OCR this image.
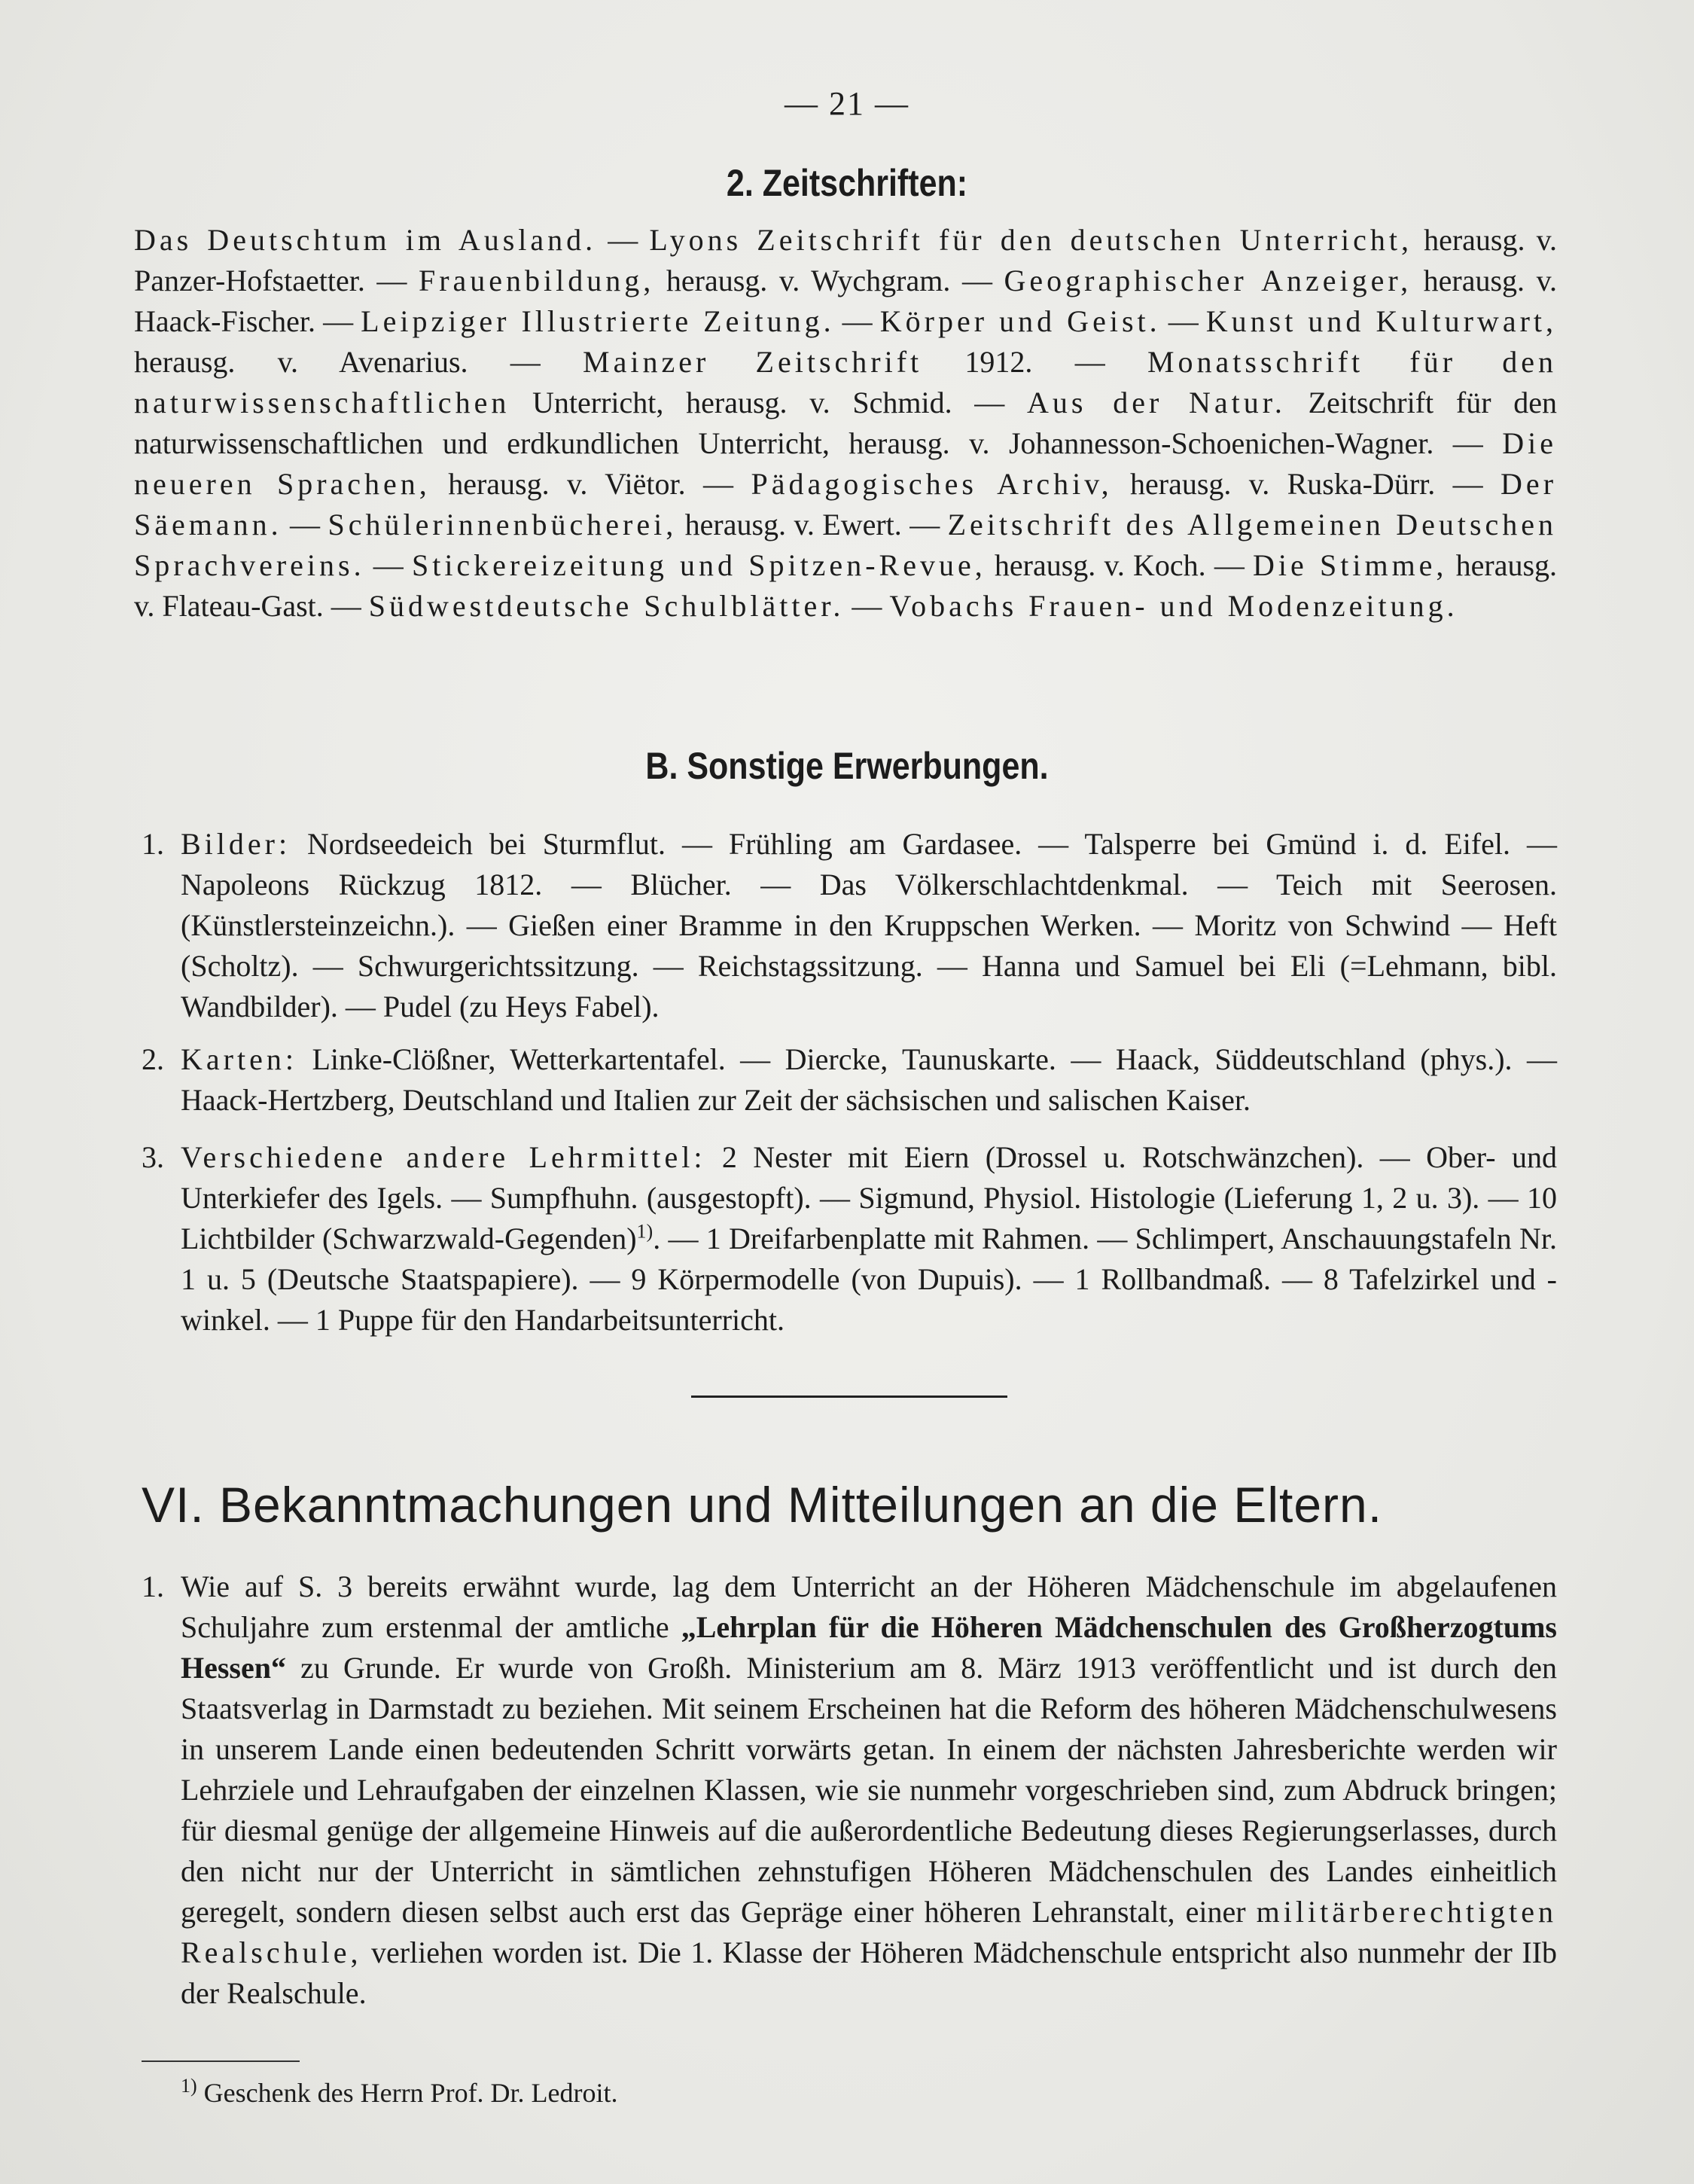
— 21 —
2. Zeitschriften:
Das Deutschtum im Ausland. — Lyons Zeitschrift für den deutschen Unterricht, herausg. v. Panzer-Hofstaetter. — Frauenbildung, herausg. v. Wychgram. — Geographischer Anzeiger, herausg. v. Haack-Fischer. — Leipziger Illustrierte Zeitung. — Körper und Geist. — Kunst und Kulturwart, herausg. v. Avenarius. — Mainzer Zeitschrift 1912. — Monatsschrift für den naturwissenschaftlichen Unterricht, herausg. v. Schmid. — Aus der Natur. Zeitschrift für den naturwissenschaftlichen und erdkundlichen Unterricht, herausg. v. Johannesson-Schoenichen-Wagner. — Die neueren Sprachen, herausg. v. Viëtor. — Pädagogisches Archiv, herausg. v. Ruska-Dürr. — Der Säemann. — Schülerinnenbücherei, herausg. v. Ewert. — Zeitschrift des Allgemeinen Deutschen Sprachvereins. — Stickereizeitung und Spitzen-Revue, herausg. v. Koch. — Die Stimme, herausg. v. Flateau-Gast. — Südwestdeutsche Schulblätter. — Vobachs Frauen- und Modenzeitung.
B. Sonstige Erwerbungen.
1. Bilder: Nordseedeich bei Sturmflut. — Frühling am Gardasee. — Talsperre bei Gmünd i. d. Eifel. — Napoleons Rückzug 1812. — Blücher. — Das Völkerschlachtdenkmal. — Teich mit Seerosen. (Künstlersteinzeichn.). — Gießen einer Bramme in den Kruppschen Werken. — Moritz von Schwind — Heft (Scholtz). — Schwurgerichtssitzung. — Reichstagssitzung. — Hanna und Samuel bei Eli (=Lehmann, bibl. Wandbilder). — Pudel (zu Heys Fabel).
2. Karten: Linke-Clößner, Wetterkartentafel. — Diercke, Taunuskarte. — Haack, Süddeutschland (phys.). — Haack-Hertzberg, Deutschland und Italien zur Zeit der sächsischen und salischen Kaiser.
3. Verschiedene andere Lehrmittel: 2 Nester mit Eiern (Drossel u. Rotschwänzchen). — Ober- und Unterkiefer des Igels. — Sumpfhuhn. (ausgestopft). — Sigmund, Physiol. Histologie (Lieferung 1, 2 u. 3). — 10 Lichtbilder (Schwarzwald-Gegenden)$^{1)}$. — 1 Dreifarbenplatte mit Rahmen. — Schlimpert, Anschauungstafeln Nr. 1 u. 5 (Deutsche Staatspapiere). — 9 Körpermodelle (von Dupuis). — 1 Rollbandmaß. — 8 Tafelzirkel und -winkel. — 1 Puppe für den Handarbeitsunterricht.
VI. Bekanntmachungen und Mitteilungen an die Eltern.
1. Wie auf S. 3 bereits erwähnt wurde, lag dem Unterricht an der Höheren Mädchenschule im abgelaufenen Schuljahre zum erstenmal der amtliche „Lehrplan für die Höheren Mädchenschulen des Großherzogtums Hessen“ zu Grunde. Er wurde von Großh. Ministerium am 8. März 1913 veröffentlicht und ist durch den Staatsverlag in Darmstadt zu beziehen. Mit seinem Erscheinen hat die Reform des höheren Mädchenschulwesens in unserem Lande einen bedeutenden Schritt vorwärts getan. In einem der nächsten Jahresberichte werden wir Lehrziele und Lehraufgaben der einzelnen Klassen, wie sie nunmehr vorgeschrieben sind, zum Abdruck bringen; für diesmal genüge der allgemeine Hinweis auf die außerordentliche Bedeutung dieses Regierungserlasses, durch den nicht nur der Unterricht in sämtlichen zehnstufigen Höheren Mädchenschulen des Landes einheitlich geregelt, sondern diesen selbst auch erst das Gepräge einer höheren Lehranstalt, einer militärberechtigten Realschule, verliehen worden ist. Die 1. Klasse der Höheren Mädchenschule entspricht also nunmehr der IIb der Realschule.
$^{1)}$ Geschenk des Herrn Prof. Dr. Ledroit.
